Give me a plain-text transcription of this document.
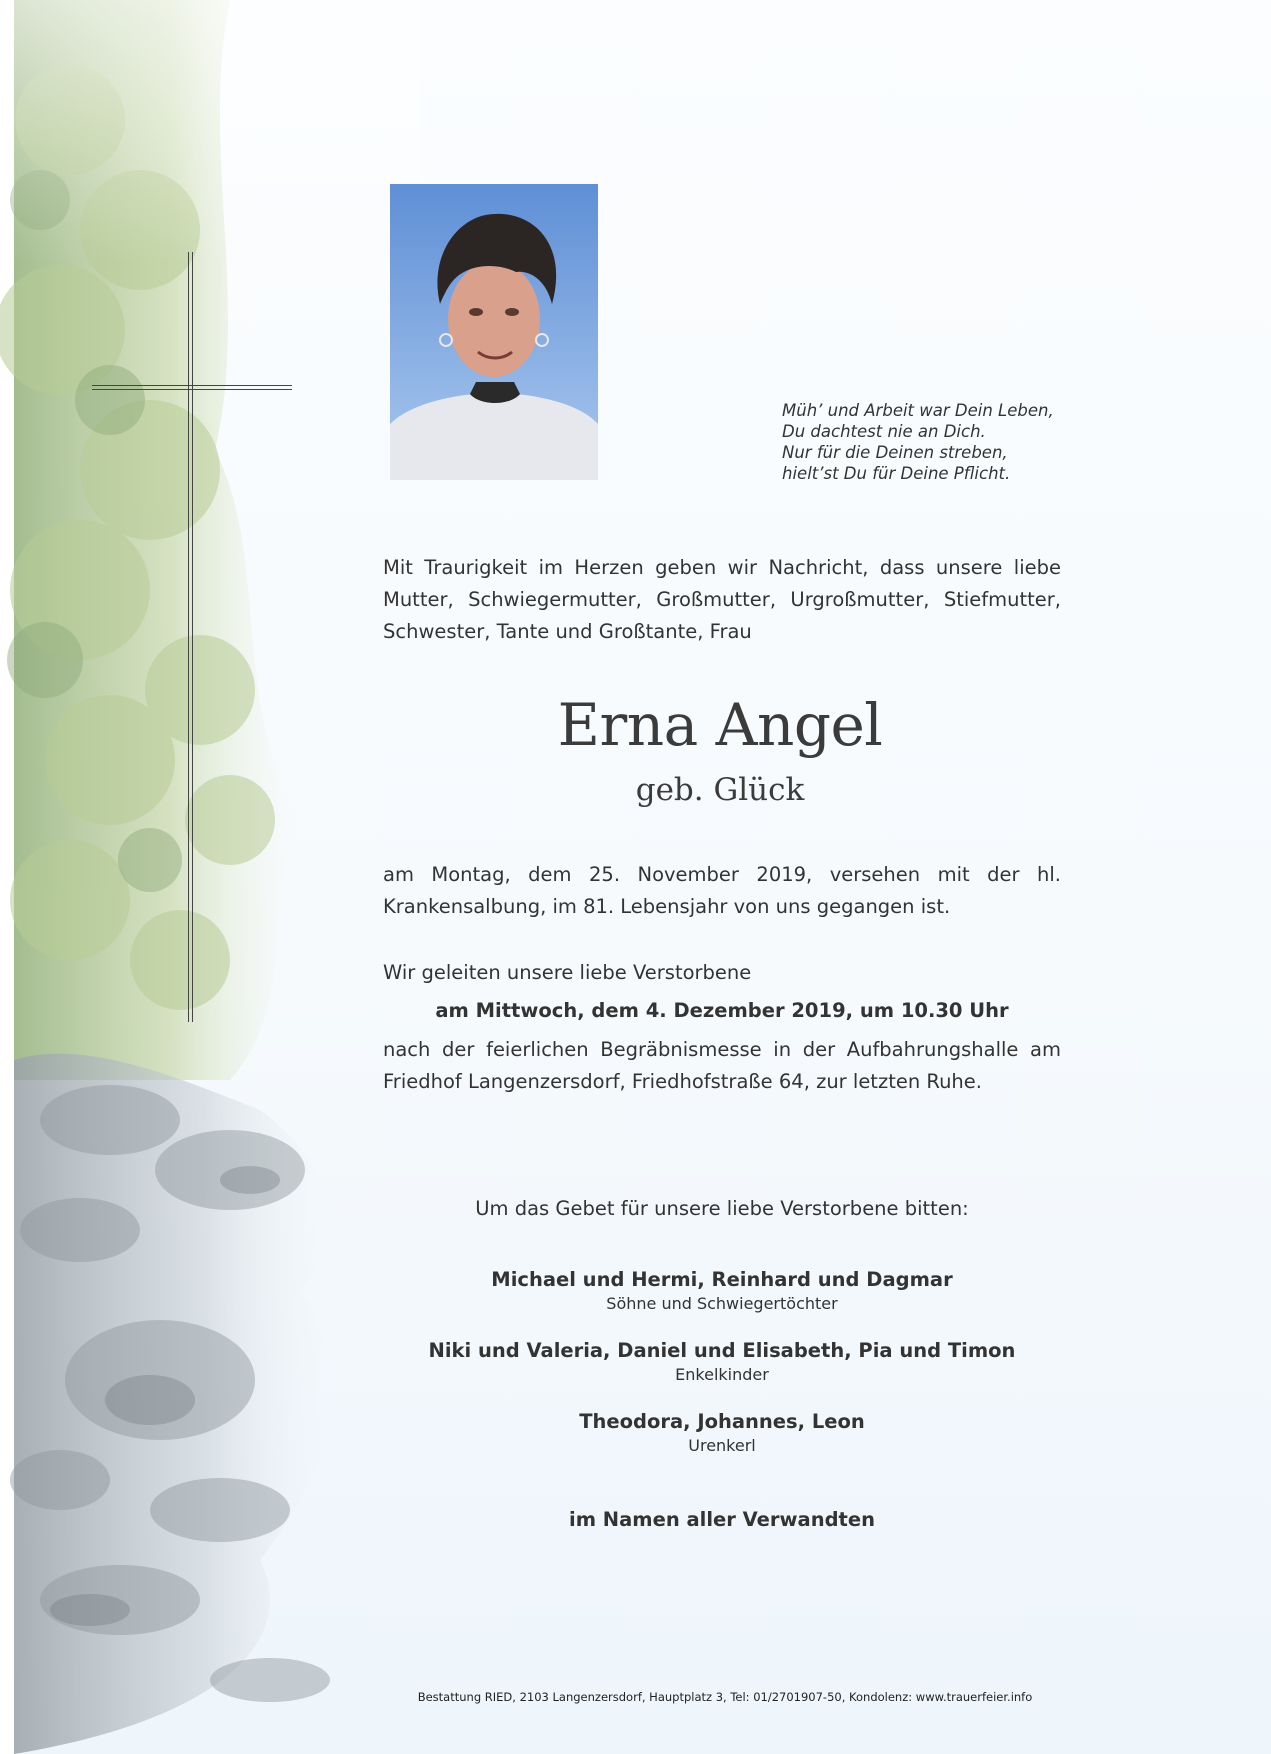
Müh’ und Arbeit war Dein Leben,
Du dachtest nie an Dich.
Nur für die Deinen streben,
hielt’st Du für Deine Pflicht.
Mit Traurigkeit im Herzen geben wir Nachricht, dass unsere liebe Mutter, Schwiegermutter, Großmutter, Urgroßmutter, Stiefmutter, Schwester, Tante und Großtante, Frau
Erna Angel
geb. Glück
am Montag, dem 25. November 2019, versehen mit der hl. Krankensalbung, im 81. Lebensjahr von uns gegangen ist.
Wir geleiten unsere liebe Verstorbene
am Mittwoch, dem 4. Dezember 2019, um 10.30 Uhr
nach der feierlichen Begräbnismesse in der Aufbahrungshalle am Friedhof Langenzersdorf, Friedhofstraße 64, zur letzten Ruhe.
Um das Gebet für unsere liebe Verstorbene bitten:
Michael und Hermi, Reinhard und Dagmar
Söhne und Schwiegertöchter
Niki und Valeria, Daniel und Elisabeth, Pia und Timon
Enkelkinder
Theodora, Johannes, Leon
Urenkerl
im Namen aller Verwandten
Bestattung RIED, 2103 Langenzersdorf, Hauptplatz 3, Tel: 01/2701907-50, Kondolenz: www.trauerfeier.info
